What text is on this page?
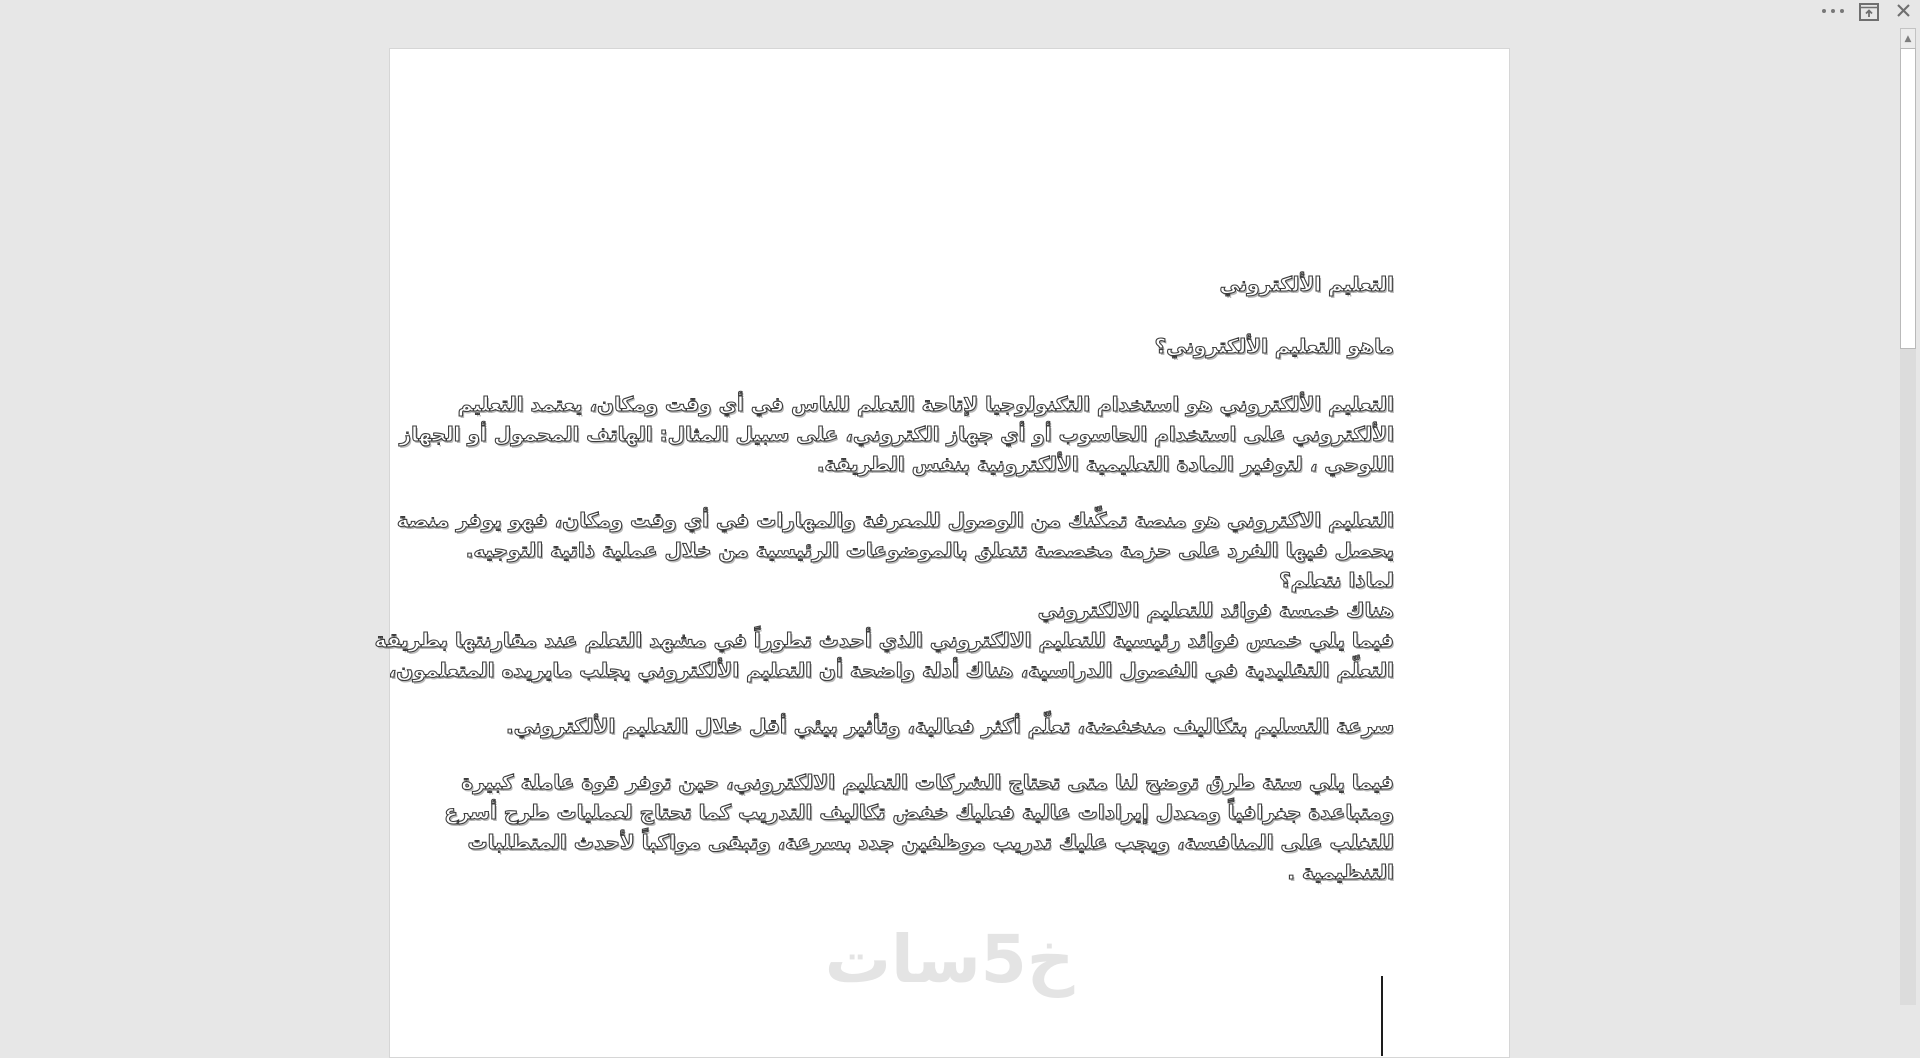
▲
التعليم الألكتروني
ماهو التعليم الألكتروني؟
التعليم الألكتروني هو استخدام التكنولوجيا لإتاحة التعلم للناس في أي وقت ومكان، يعتمد التعليم
الألكتروني على استخدام الحاسوب أو أي جهاز الكتروني، على سبيل المثال: الهاتف المحمول أو الجهاز
اللوحي ، لتوفير المادة التعليمية الألكترونية بنفس الطريقة.
التعليم الاكتروني هو منصة تمكّنك من الوصول للمعرفة والمهارات في أي وقت ومكان، فهو يوفر منصة
يحصل فيها الفرد على حزمة مخصصة تتعلق بالموضوعات الرئيسية من خلال عملية ذاتية التوجيه.
لماذا نتعلم؟
هناك خمسة فوائد للتعليم الالكتروني
فيما يلي خمس فوائد رئيسية للتعليم الالكتروني الذي أحدث تطوراً في مشهد التعلم عند مقارنتها بطريقة
التعلّم التقليدية في الفصول الدراسية، هناك أدلة واضحة أن التعليم الألكتروني يجلب مايريده المتعلمون،
سرعة التسليم بتكاليف منخفضة، تعلّم أكثر فعالية، وتأثير بيئي أقل خلال التعليم الألكتروني.
فيما يلي ستة طرق توضح لنا متى تحتاج الشركات التعليم الالكتروني، حين توفر قوة عاملة كبيرة
ومتباعدة جغرافياً ومعدل إيرادات عالية فعليك خفض تكاليف التدريب كما تحتاج لعمليات طرح أسرع
للتغلب على المنافسة، ويجب عليك تدريب موظفين جدد بسرعة، وتبقى مواكباً لأحدث المتطلبات
التنظيمية .
خ5سات
